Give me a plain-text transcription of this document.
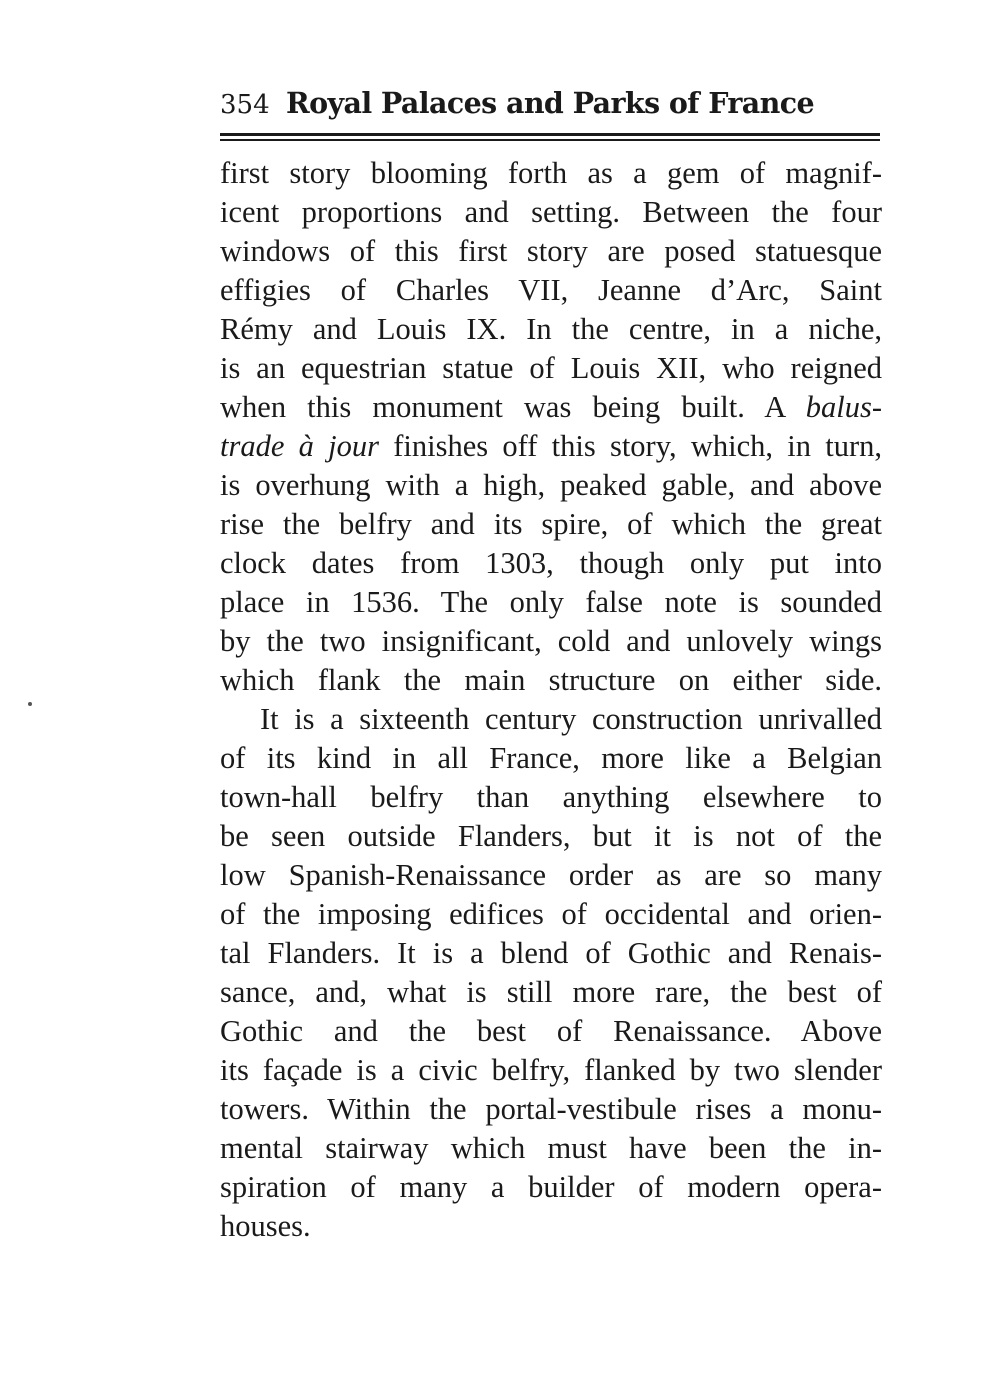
354 Royal Palaces and Parks of France
first story blooming forth as a gem of magnif-
icent proportions and setting. Between the four
windows of this first story are posed statuesque
effigies of Charles VII, Jeanne d’Arc, Saint
Rémy and Louis IX. In the centre, in a niche,
is an equestrian statue of Louis XII, who reigned
when this monument was being built. A balus-
trade à jour finishes off this story, which, in turn,
is overhung with a high, peaked gable, and above
rise the belfry and its spire, of which the great
clock dates from 1303, though only put into
place in 1536. The only false note is sounded
by the two insignificant, cold and unlovely wings
which flank the main structure on either side.
It is a sixteenth century construction unrivalled
of its kind in all France, more like a Belgian
town-hall belfry than anything elsewhere to
be seen outside Flanders, but it is not of the
low Spanish-Renaissance order as are so many
of the imposing edifices of occidental and orien-
tal Flanders. It is a blend of Gothic and Renais-
sance, and, what is still more rare, the best of
Gothic and the best of Renaissance. Above
its façade is a civic belfry, flanked by two slender
towers. Within the portal-vestibule rises a monu-
mental stairway which must have been the in-
spiration of many a builder of modern opera-
houses.
